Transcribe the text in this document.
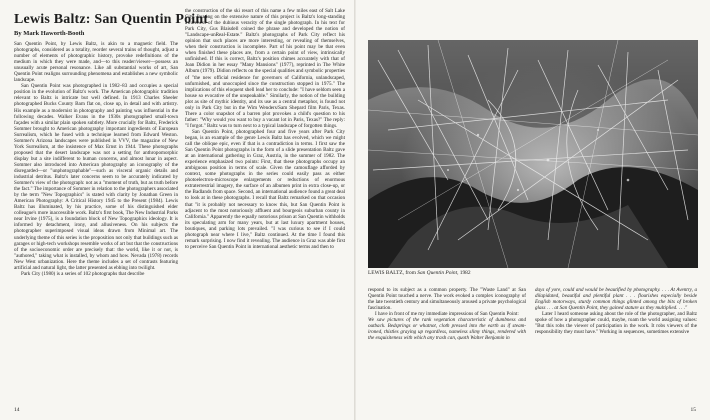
Lewis Baltz: San Quentin Point
By Mark Haworth-Booth

San Quentin Point, by Lewis Baltz, is akin to a magnetic field. The photographs, considered as a totality, reorder several trains of thought, adjust a number of elements of photographic history, provoke redefinitions of the medium in which they were made, and—to this reader/viewer—possess an unusually acute personal resonance. Like all substantial works of art, San Quentin Point realigns surrounding phenomena and establishes a new symbolic landscape.

San Quentin Point was photographed in 1982–83 and occupies a special position in the evolution of Baltz's work. The American photographic tradition relevant to Baltz is intricate but well defined. In 1913 Charles Sheeler photographed Bucks County Barn flat on, close up, in detail and with artistry. His example as a modernist in photography and painting was influential in the following decades. Walker Evans in the 1930s photographed small-town façades with a similar plain spoken subtlety. More crucially for Baltz, Frederick Sommer brought to American photography important ingredients of European Surrealism, which he fused with a technique learned from Edward Weston. Sommer's Arizona landscapes were published in VVV, the magazine of New York Surrealism, at the insistence of Max Ernst in 1944. These photographs proposed that the desert landscape was not a setting for anthropomorphic display but a site indifferent to human concerns, and almost lunar in aspect. Sommer also introduced into American photography an iconography of the disregarded—or "unphotographable"—such as visceral organic details and industrial detritus. Baltz's later concerns seem to be accurately indicated by Sommer's view of the photograph: not as a "moment of truth, but as truth before the fact." The importance of Sommer in relation to the photographers associated by the term "New Topographics" is stated with clarity by Jonathan Green in American Photography: A Critical History 1945 to the Present (1984). Lewis Baltz has illuminated, by his practice, some of his distinguished elder colleague's more inaccessible work. Baltz's first book, The New Industrial Parks near Irvine (1975), is a foundation block of New Topographics ideology. It is informed by detachment, irony, and allusiveness. On his subjects the photographer superimposed visual ideas drawn from Minimal art. The underlying theme of this series is the proposition not only that buildings such as garages or high-tech workshops resemble works of art but that the constructions of the socioeconomic order are precisely that: the world, like it or not, is "authored," taking what is installed, by whom and how. Nevada (1978) records New West urbanization. Here the theme includes a set of contrasts featuring artificial and natural light, the latter presented as ebbing into twilight.

Park City (1980) is a series of 102 photographs that describe

the construction of the ski resort of this name a few miles east of Salt Lake City. Bearing on the extensive nature of this project is Baltz's long-standing awareness of the dubious veracity of the single photograph. In his text for Park City, Gus Blaisdell coined the phrase and developed the notion of "Landscape-unReal-Estate." Baltz's photographs of Park City reflect his opinion that such places are more interesting, or revealing of themselves, when their construction is incomplete. Part of his point may be that even when finished these places are, from a certain point of view, intrinsically unfinished. If this is correct, Baltz's position chimes accurately with that of Joan Didion in her essay "Many Mansions" (1977), reprinted in The White Album (1979). Didion reflects on the special qualities and symbolic properties of "the new official residence for governors of California, unlandscaped, unfurnished, and unoccupied since the construction stopped in 1975." The implications of this eloquent shell lead her to conclude: "I have seldom seen a house so evocative of the unspeakable." Similarly, the notion of the building plot as site of mythic identity, and its use as a central metaphor, is found not only in Park City but in the Wim Wenders/Sam Shepard film Paris, Texas. There a color snapshot of a barren plot provokes a child's question to his father: "Why would you want to buy a vacant lot in Paris, Texas?" The reply: "I forgot." Baltz was to turn next to a typical landscape of forgotten things.

San Quentin Point, photographed four and five years after Park City began, is an example of the genre Lewis Baltz has evolved, which we might call the oblique epic, even if that is a contradiction in terms. I first saw the San Quentin Point photographs in the form of a slide presentation Baltz gave at an international gathering in Graz, Austria, in the summer of 1982. The experience emphasized two points: First, that these photographs occupy an ambiguous position in terms of scale. Given the camouflage afforded by context, some photographs in the series could easily pass as either photoelectron-microscope enlargements or reductions of enormous extraterrestrial imagery, the surface of an albumen print in extra close-up, or the Badlands from space. Second, an international audience found a great deal to look at in these photographs. I recall that Baltz remarked on that occasion that "it is probably not necessary to know this, but San Quentin Point is adjacent to the most notoriously affluent and bourgeois suburban county in California." Apparently the equally notorious prison at San Quentin withholds its speculating arm for many years, but at last luxury apartment houses, boutiques, and parking lots prevailed. "I was curious to see if I could photograph near where I live," Baltz continued. At the time I found this remark surprising. I now find it revealing. The audience in Graz was able first to perceive San Quentin Point in international aesthetic terms and then to

14
LEWIS BALTZ, from San Quentin Point, 1982

respond to its subject as a common property. The "Waste Land" at San Quentin Point touched a nerve. The work evoked a complex iconography of the late twentieth century and simultaneously aroused a private psychological fascination.

I have in front of me my immediate impressions of San Quentin Point:

We saw pictures of the rank vegetation characteristic of dumbness and outback. Bedsprings or whatnot, cloth pressed into the earth as if steam-ironed, thistles graying up regardless, nameless slimy things, rendered with the exquisiteness with which any trash can, quoth Walter Benjamin in

days of yore, could and would be beautified by photography. . . . At Aventry, a dilapidated, beautiful and plentiful plant . . . flourishes especially beside English motorways, sturdy common things glinted among the bits of broken glass . . . at San Quentin Point, they gained stature as they multiplied. . . ."

Later I heard someone asking about the role of the photographer, and Baltz spoke of how a photographer could, maybe, roam the world assigning values: "But this robs the viewer of participation in the work. It robs viewers of the responsibility they must have." Working in sequences, sometimes extensive

15
